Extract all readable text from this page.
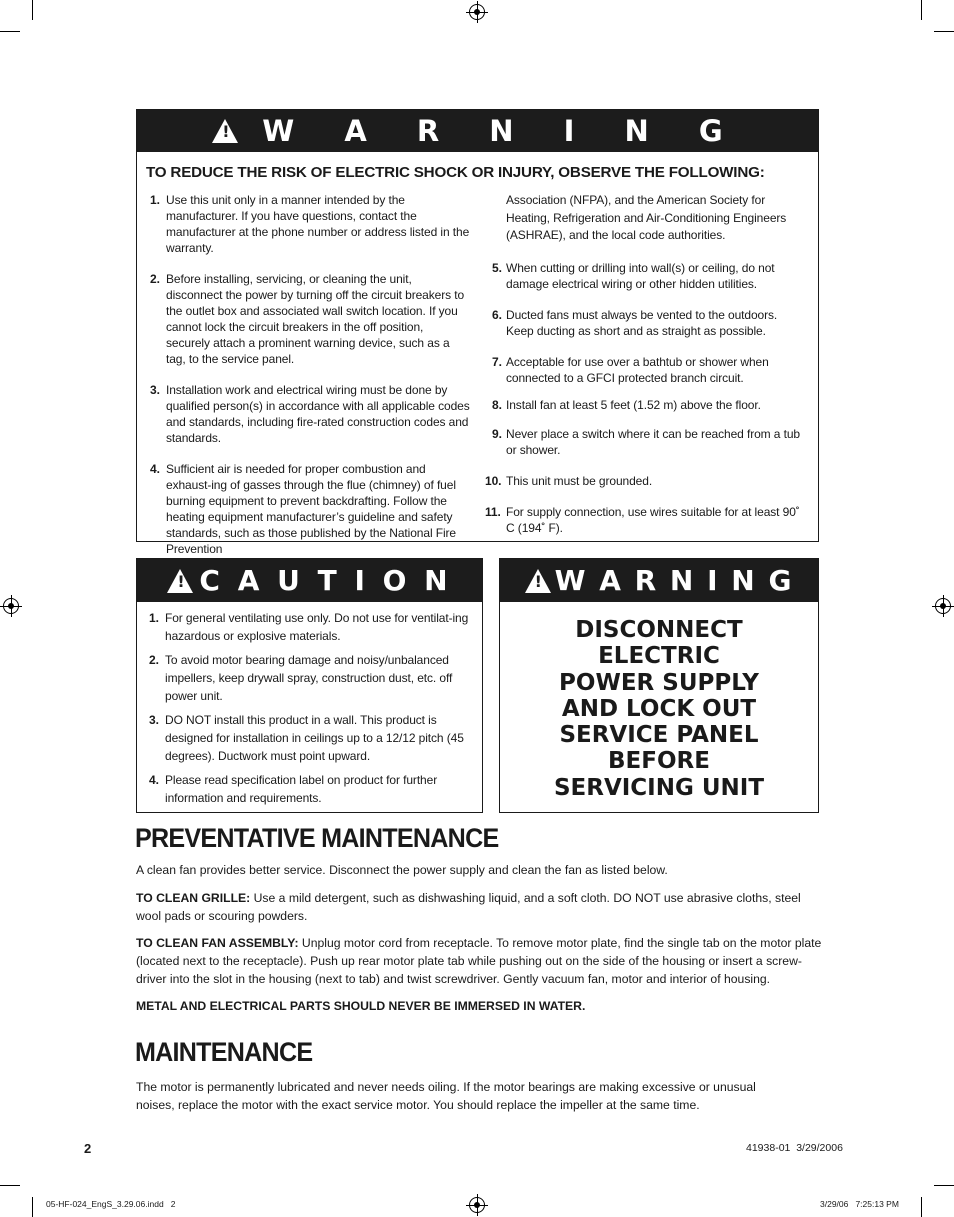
! W A R N I N G
TO REDUCE THE RISK OF ELECTRIC SHOCK OR INJURY, OBSERVE THE FOLLOWING:
1. Use this unit only in a manner intended by the manufacturer. If you have questions, contact the manufacturer at the phone number or address listed in the warranty.
2. Before installing, servicing, or cleaning the unit, disconnect the power by turning off the circuit breakers to the outlet box and associated wall switch location. If you cannot lock the circuit breakers in the off position, securely attach a prominent warning device, such as a tag, to the service panel.
3. Installation work and electrical wiring must be done by qualified person(s) in accordance with all applicable codes and standards, including fire-rated construction codes and standards.
4. Sufficient air is needed for proper combustion and exhaust-ing of gasses through the flue (chimney) of fuel burning equipment to prevent backdrafting. Follow the heating equipment manufacturer’s guideline and safety standards, such as those published by the National Fire Prevention
Association (NFPA), and the American Society for Heating, Refrigeration and Air-Conditioning Engineers (ASHRAE), and the local code authorities.
5. When cutting or drilling into wall(s) or ceiling, do not damage electrical wiring or other hidden utilities.
6. Ducted fans must always be vented to the outdoors. Keep ducting as short and as straight as possible.
7. Acceptable for use over a bathtub or shower when connected to a GFCI protected branch circuit.
8. Install fan at least 5 feet (1.52 m) above the floor.
9. Never place a switch where it can be reached from a tub or shower.
10. This unit must be grounded.
11. For supply connection, use wires suitable for at least 90˚ C (194˚ F).
! C A U T I O N
1. For general ventilating use only. Do not use for ventilat-ing hazardous or explosive materials.
2. To avoid motor bearing damage and noisy/unbalanced impellers, keep drywall spray, construction dust, etc. off power unit.
3. DO NOT install this product in a wall. This product is designed for installation in ceilings up to a 12/12 pitch (45 degrees). Ductwork must point upward.
4. Please read specification label on product for further information and requirements.
! W A R N I N G
DISCONNECT
ELECTRIC
POWER SUPPLY
AND LOCK OUT
SERVICE PANEL
BEFORE
SERVICING UNIT
PREVENTATIVE MAINTENANCE
A clean fan provides better service. Disconnect the power supply and clean the fan as listed below.
TO CLEAN GRILLE: Use a mild detergent, such as dishwashing liquid, and a soft cloth. DO NOT use abrasive cloths, steel wool pads or scouring powders.
TO CLEAN FAN ASSEMBLY: Unplug motor cord from receptacle. To remove motor plate, find the single tab on the motor plate (located next to the receptacle). Push up rear motor plate tab while pushing out on the side of the housing or insert a screw-driver into the slot in the housing (next to tab) and twist screwdriver. Gently vacuum fan, motor and interior of housing.
METAL AND ELECTRICAL PARTS SHOULD NEVER BE IMMERSED IN WATER.
MAINTENANCE
The motor is permanently lubricated and never needs oiling. If the motor bearings are making excessive or unusual noises, replace the motor with the exact service motor. You should replace the impeller at the same time.
2	41938-01  3/29/2006
05-HF-024_EngS_3.29.06.indd   2	3/29/06   7:25:13 PM
